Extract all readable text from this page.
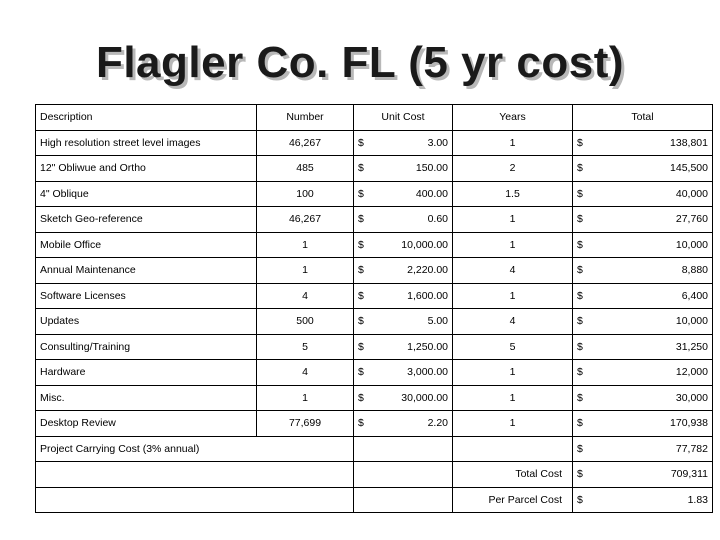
Flagler Co. FL (5 yr cost)
Description	Number	Unit Cost	Years	Total
High resolution street level images	46,267	$ 3.00	1	$ 138,801

12" Obliwue and Ortho	485	$ 150.00	2	$ 145,500

4" Oblique	100	$ 400.00	1.5	$ 40,000

Sketch Geo-reference	46,267	$ 0.60	1	$ 27,760

Mobile Office	1	$ 10,000.00	1	$ 10,000

Annual Maintenance	1	$ 2,220.00	4	$ 8,880

Software Licenses	4	$ 1,600.00	1	$ 6,400

Updates	500	$ 5.00	4	$ 10,000

Consulting/Training	5	$ 1,250.00	5	$ 31,250

Hardware	4	$ 3,000.00	1	$ 12,000

Misc.	1	$ 30,000.00	1	$ 30,000

Desktop Review	77,699	$ 2.20	1	$ 170,938

Project Carrying Cost (3% annual)				$ 77,782

			Total Cost	$ 709,311

			Per Parcel Cost	$ 1.83
